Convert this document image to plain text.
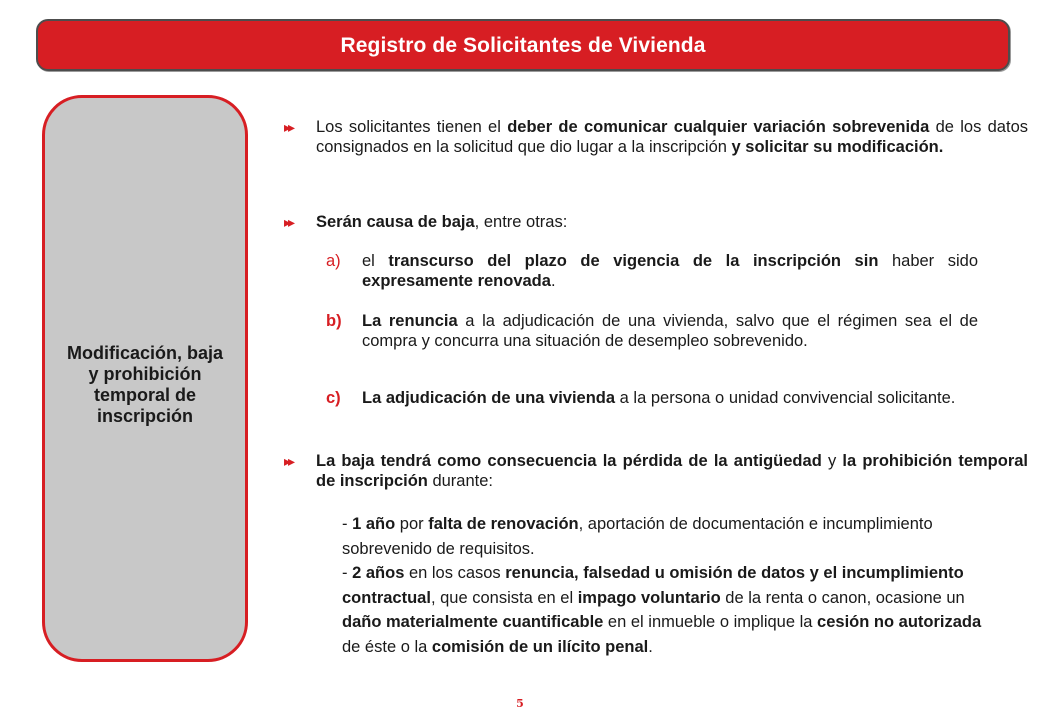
Registro de Solicitantes de Vivienda
Modificación, baja y prohibición temporal de inscripción
▸▸ Los solicitantes tienen el deber de comunicar cualquier variación sobrevenida de los datos consignados en la solicitud que dio lugar a la inscripción y solicitar su modificación.
▸▸ Serán causa de baja, entre otras:
a) el transcurso del plazo de vigencia de la inscripción sin haber sido expresamente renovada.
b) La renuncia a la adjudicación de una vivienda, salvo que el régimen sea el de compra y concurra una situación de desempleo sobrevenido.
c) La adjudicación de una vivienda a la persona o unidad convivencial solicitante.
▸▸ La baja tendrá como consecuencia la pérdida de la antigüedad y la prohibición temporal de inscripción durante:
- 1 año por falta de renovación, aportación de documentación e incumplimiento sobrevenido de requisitos.
- 2 años en los casos renuncia, falsedad u omisión de datos y el incumplimiento contractual, que consista en el impago voluntario de la renta o canon, ocasione un daño materialmente cuantificable en el inmueble o implique la cesión no autorizada de éste o la comisión de un ilícito penal.
5
